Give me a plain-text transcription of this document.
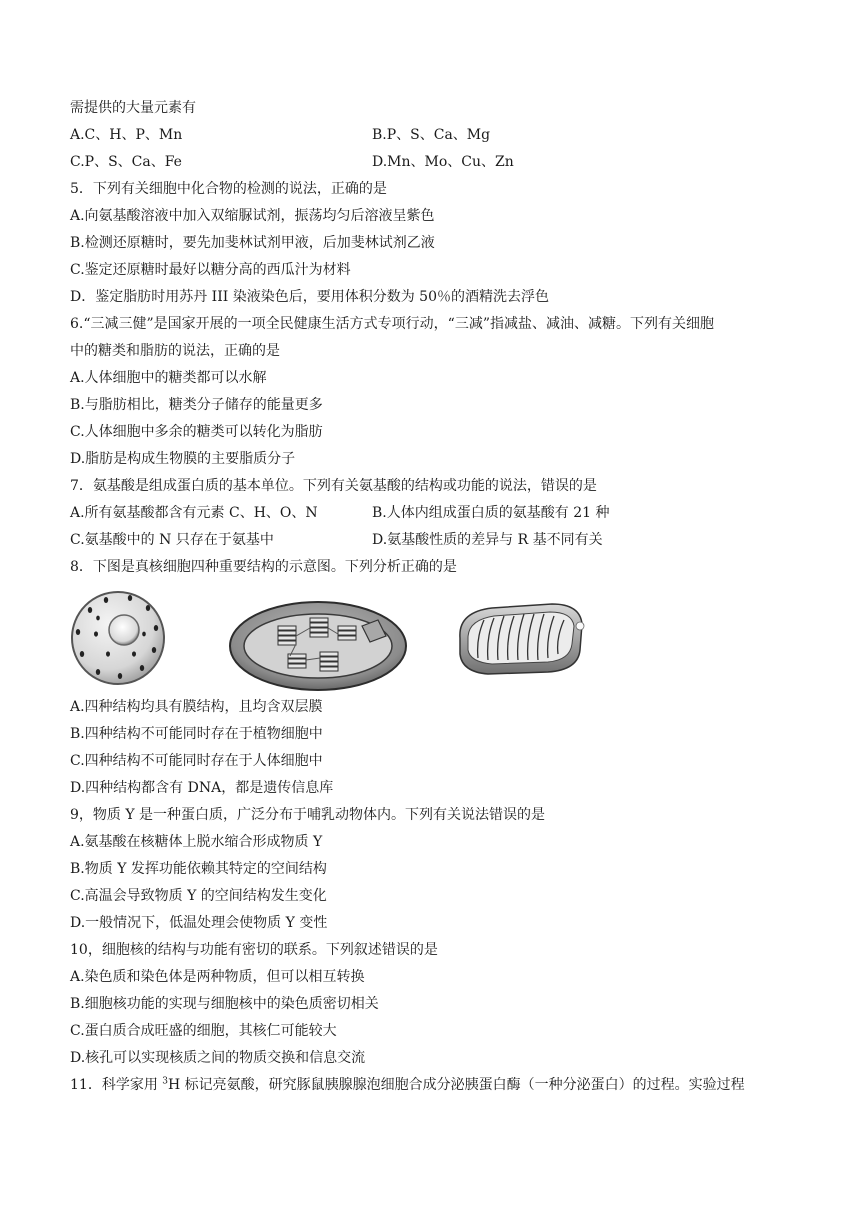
需提供的大量元素有
A.C、H、P、Mn	B.P、S、Ca、Mg
C.P、S、Ca、Fe	D.Mn、Mo、Cu、Zn
5．下列有关细胞中化合物的检测的说法，正确的是
A.向氨基酸溶液中加入双缩脲试剂，振荡均匀后溶液呈紫色
B.检测还原糖时，要先加斐林试剂甲液，后加斐林试剂乙液
C.鉴定还原糖时最好以糖分高的西瓜汁为材料
D．鉴定脂肪时用苏丹 III 染液染色后，要用体积分数为 50％的酒精洗去浮色
6.“三减三健”是国家开展的一项全民健康生活方式专项行动，“三减”指减盐、减油、减糖。下列有关细胞
中的糖类和脂肪的说法，正确的是
A.人体细胞中的糖类都可以水解
B.与脂肪相比，糖类分子储存的能量更多
C.人体细胞中多余的糖类可以转化为脂肪
D.脂肪是构成生物膜的主要脂质分子
7．氨基酸是组成蛋白质的基本单位。下列有关氨基酸的结构或功能的说法，错误的是
A.所有氨基酸都含有元素 C、H、O、N	B.人体内组成蛋白质的氨基酸有 21 种
C.氨基酸中的 N 只存在于氨基中	D.氨基酸性质的差异与 R 基不同有关
8．下图是真核细胞四种重要结构的示意图。下列分析正确的是
A.四种结构均具有膜结构，且均含双层膜
B.四种结构不可能同时存在于植物细胞中
C.四种结构不可能同时存在于人体细胞中
D.四种结构都含有 DNA，都是遗传信息库
9，物质 Y 是一种蛋白质，广泛分布于哺乳动物体内。下列有关说法错误的是
A.氨基酸在核糖体上脱水缩合形成物质 Y
B.物质 Y 发挥功能依赖其特定的空间结构
C.高温会导致物质 Y 的空间结构发生变化
D.一般情况下，低温处理会使物质 Y 变性
10，细胞核的结构与功能有密切的联系。下列叙述错误的是
A.染色质和染色体是两种物质，但可以相互转换
B.细胞核功能的实现与细胞核中的染色质密切相关
C.蛋白质合成旺盛的细胞，其核仁可能较大
D.核孔可以实现核质之间的物质交换和信息交流
11．科学家用 $^3$H 标记亮氨酸，研究豚鼠胰腺腺泡细胞合成分泌胰蛋白酶（一种分泌蛋白）的过程。实验过程
